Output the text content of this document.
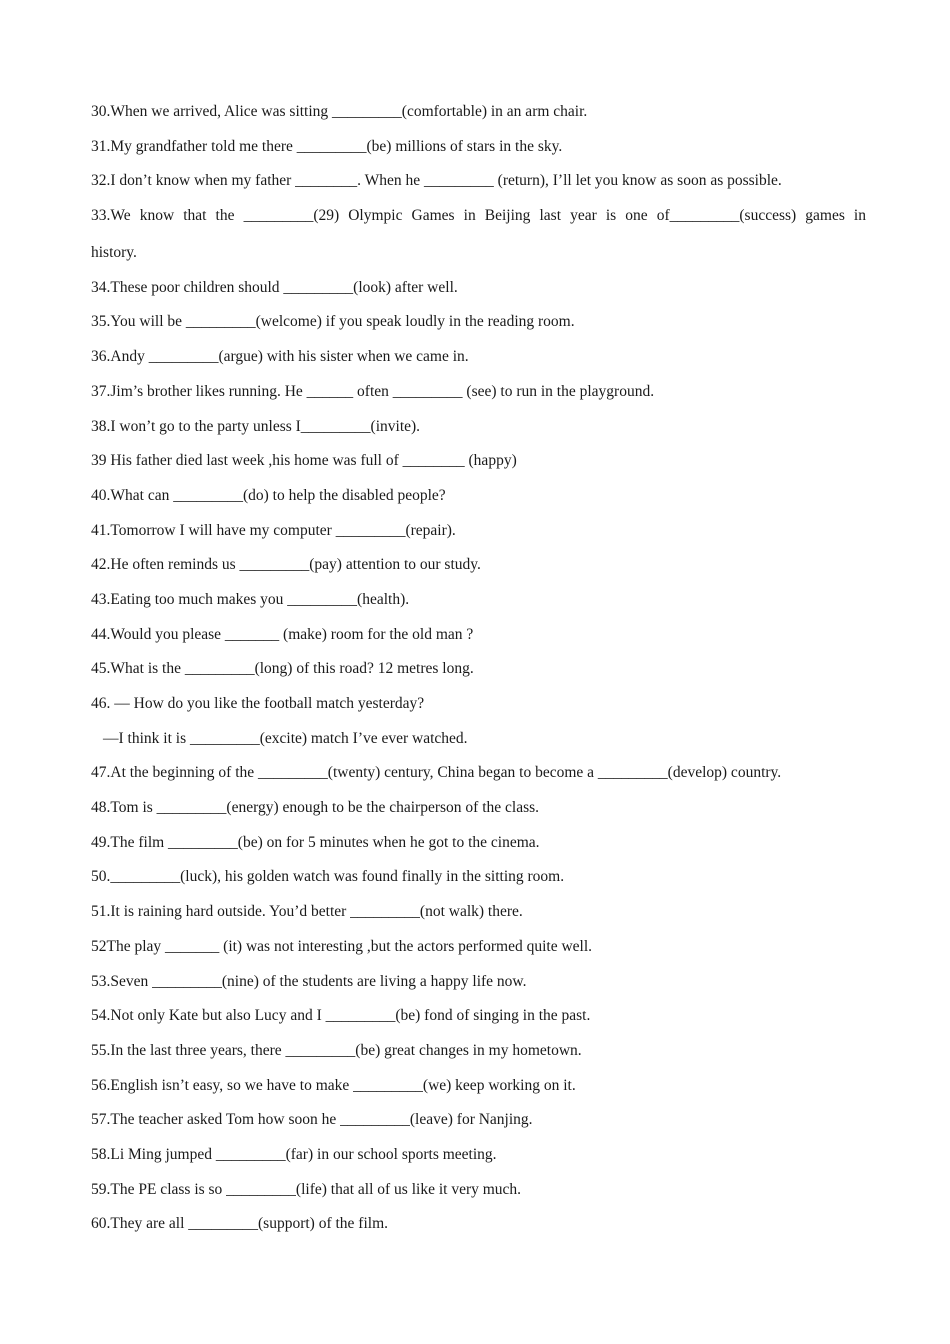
30.When we arrived, Alice was sitting _________(comfortable) in an arm chair.
31.My grandfather told me there _________(be) millions of stars in the sky.
32.I don’t know when my father ________. When he _________ (return), I’ll let you know as soon as possible.
33.We know that the _________(29) Olympic Games in Beijing last year is one of_________(success) games in
history.
34.These poor children should _________(look) after well.
35.You will be _________(welcome) if you speak loudly in the reading room.
36.Andy _________(argue) with his sister when we came in.
37.Jim’s brother likes running. He ______ often _________ (see) to run in the playground.
38.I won’t go to the party unless I_________(invite).
39 His father died last week ,his home was full of ________ (happy)
40.What can _________(do) to help the disabled people?
41.Tomorrow I will have my computer _________(repair).
42.He often reminds us _________(pay) attention to our study.
43.Eating too much makes you _________(health).
44.Would you please _______ (make) room for the old man ?
45.What is the _________(long) of this road? 12 metres long.
46. — How do you like the football match yesterday?
—I think it is _________(excite) match I’ve ever watched.
47.At the beginning of the _________(twenty) century, China began to become a _________(develop) country.
48.Tom is _________(energy) enough to be the chairperson of the class.
49.The film _________(be) on for 5 minutes when he got to the cinema.
50._________(luck), his golden watch was found finally in the sitting room.
51.It is raining hard outside. You’d better _________(not walk) there.
52The play _______ (it) was not interesting ,but the actors performed quite well.
53.Seven _________(nine) of the students are living a happy life now.
54.Not only Kate but also Lucy and I _________(be) fond of singing in the past.
55.In the last three years, there _________(be) great changes in my hometown.
56.English isn’t easy, so we have to make _________(we) keep working on it.
57.The teacher asked Tom how soon he _________(leave) for Nanjing.
58.Li Ming jumped _________(far) in our school sports meeting.
59.The PE class is so _________(life) that all of us like it very much.
60.They are all _________(support) of the film.
